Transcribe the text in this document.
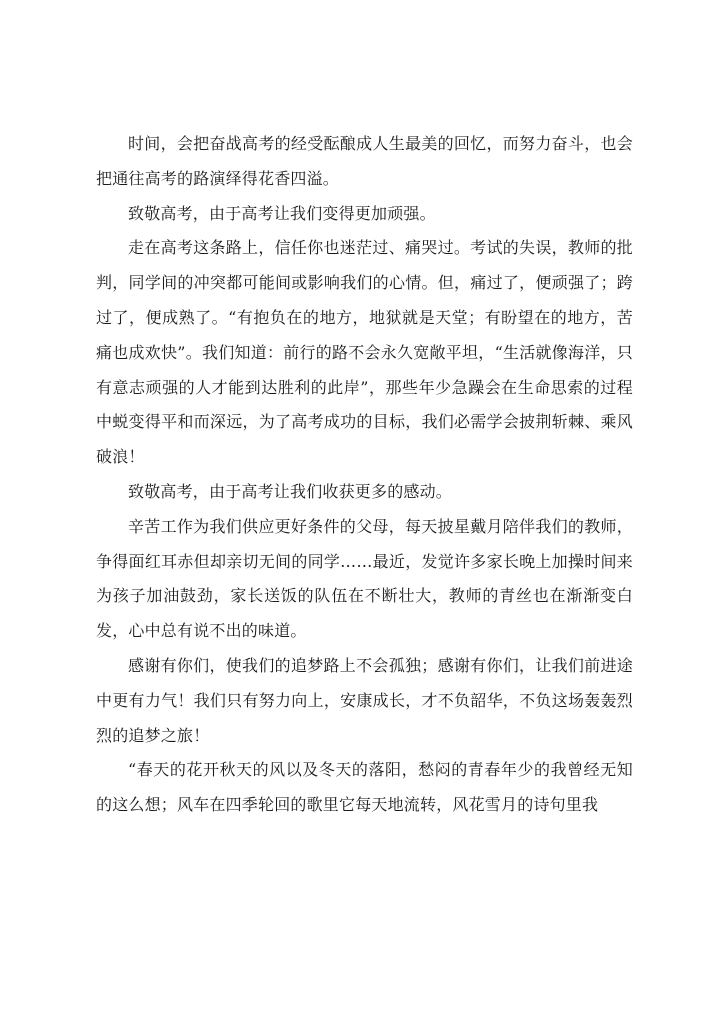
时间，会把奋战高考的经受酝酿成人生最美的回忆，而努力奋斗，也会把通往高考的路演绎得花香四溢。

致敬高考，由于高考让我们变得更加顽强。

走在高考这条路上，信任你也迷茫过、痛哭过。考试的失误，教师的批判，同学间的冲突都可能间或影响我们的心情。但，痛过了，便顽强了；跨过了，便成熟了。“有抱负在的地方，地狱就是天堂；有盼望在的地方，苦痛也成欢快”。我们知道：前行的路不会永久宽敞平坦，“生活就像海洋，只有意志顽强的人才能到达胜利的此岸”，那些年少急躁会在生命思索的过程中蜕变得平和而深远，为了高考成功的目标，我们必需学会披荆斩棘、乘风破浪！

致敬高考，由于高考让我们收获更多的感动。

辛苦工作为我们供应更好条件的父母，每天披星戴月陪伴我们的教师，争得面红耳赤但却亲切无间的同学……最近，发觉许多家长晚上加操时间来为孩子加油鼓劲，家长送饭的队伍在不断壮大，教师的青丝也在渐渐变白发，心中总有说不出的味道。

感谢有你们，使我们的追梦路上不会孤独；感谢有你们，让我们前进途中更有力气！我们只有努力向上，安康成长，才不负韶华，不负这场轰轰烈烈的追梦之旅！

“春天的花开秋天的风以及冬天的落阳，愁闷的青春年少的我曾经无知的这么想；风车在四季轮回的歌里它每天地流转，风花雪月的诗句里我
